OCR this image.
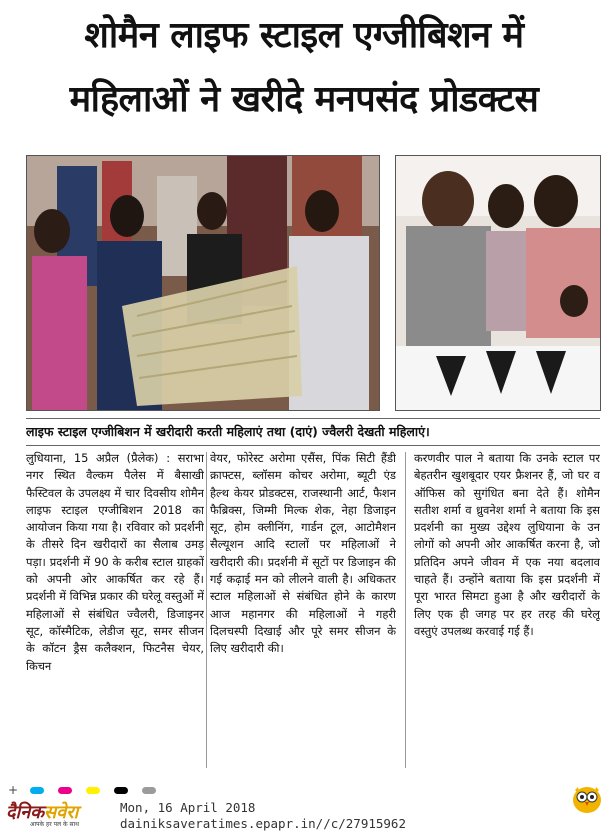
शोमैन लाइफ स्टाइल एग्जीबिशन में
महिलाओं ने खरीदे मनपसंद प्रोडक्टस
लाइफ स्टाइल एग्जीबिशन में खरीदारी करती महिलाएं तथा (दाएं) ज्वैलरी देखती महिलाएं।
लुधियाना, 15 अप्रैल (प्रैलेक) : सराभा नगर स्थित वैल्कम पैलेस में बैसाखी फैस्टिवल के उपलक्ष्य में चार दिवसीय शोमैन लाइफ स्टाइल एग्जीबिशन 2018 का आयोजन किया गया है। रविवार को प्रदर्शनी के तीसरे दिन खरीदारों का सैलाब उमड़ पड़ा। प्रदर्शनी में 90 के करीब स्टाल ग्राहकों को अपनी ओर आकर्षित कर रहे हैं। प्रदर्शनी में विभिन्न प्रकार की घरेलू वस्तुओं में महिलाओं से संबंधित ज्वैलरी, डिजाइनर सूट, कॉस्मैटिक, लेडीज सूट, समर सीजन के कॉटन ड्रैस कलैक्शन, फिटनैस चेयर, किचन
वेयर, फोरेस्ट अरोमा एसैंस, पिंक सिटी हैंडी क्राफ्टस, ब्लॉसम कोचर अरोमा, ब्यूटी एंड हैल्थ केयर प्रोडक्टस, राजस्थानी आर्ट, फैशन फैब्रिक्स, जिम्मी मिल्क शेक, नेहा डिजाइन सूट, होम क्लीनिंग, गार्डन टूल, आटोमैशन सैल्यूशन आदि स्टालों पर महिलाओं ने खरीदारी की। प्रदर्शनी में सूटों पर डिजाइन की गई कढ़ाई मन को लीलने वाली है। अधिकतर स्टाल महिलाओं से संबंधित होने के कारण आज महानगर की महिलाओं ने गहरी दिलचस्पी दिखाई और पूरे समर सीजन के लिए खरीदारी की।
करणवीर पाल ने बताया कि उनके स्टाल पर बेहतरीन खुशबूदार एयर फ्रैशनर हैं, जो घर व ऑफिस को सुगंधित बना देते हैं। शोमैन सतीश शर्मा व ध्रुवनेश शर्मा ने बताया कि इस प्रदर्शनी का मुख्य उद्देश्य लुधियाना के उन लोगों को अपनी ओर आकर्षित करना है, जो प्रतिदिन अपने जीवन में एक नया बदलाव चाहते हैं। उन्होंने बताया कि इस प्रदर्शनी में पूरा भारत सिमटा हुआ है और खरीदारों के लिए एक ही जगह पर हर तरह की घरेलू वस्तुएं उपलब्ध करवाई गई हैं।
+
दैनिकसवेरा
आपके हर पल के साथ
Mon, 16 April 2018
dainiksaveratimes.epapr.in//c/27915962
